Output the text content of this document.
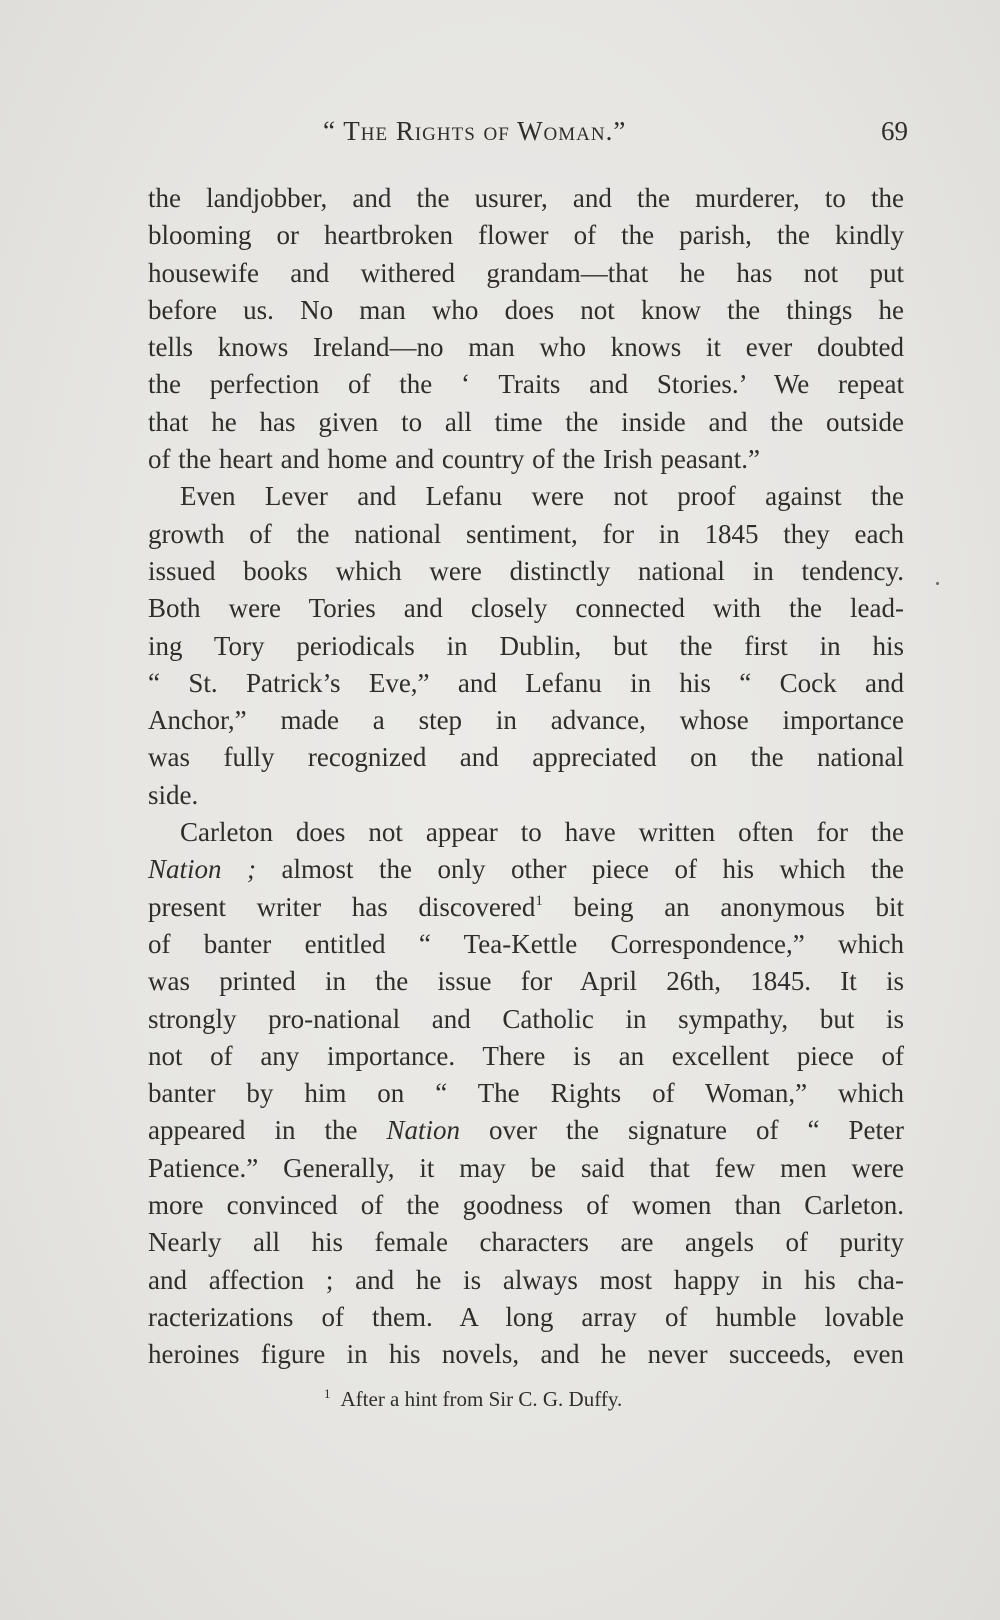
“ The Rights of Woman.”	69
the landjobber, and the usurer, and the murderer, to the
blooming or heartbroken flower of the parish, the kindly
housewife and withered grandam—that he has not put
before us. No man who does not know the things he
tells knows Ireland—no man who knows it ever doubted
the perfection of the ‘ Traits and Stories.’ We repeat
that he has given to all time the inside and the outside
of the heart and home and country of the Irish peasant.”
Even Lever and Lefanu were not proof against the
growth of the national sentiment, for in 1845 they each
issued books which were distinctly national in tendency.
Both were Tories and closely connected with the lead-
ing Tory periodicals in Dublin, but the first in his
“ St. Patrick’s Eve,” and Lefanu in his “ Cock and
Anchor,” made a step in advance, whose importance
was fully recognized and appreciated on the national
side.
Carleton does not appear to have written often for the
Nation ; almost the only other piece of his which the
present writer has discovered$^1$ being an anonymous bit
of banter entitled “ Tea-Kettle Correspondence,” which
was printed in the issue for April 26th, 1845. It is
strongly pro-national and Catholic in sympathy, but is
not of any importance. There is an excellent piece of
banter by him on “ The Rights of Woman,” which
appeared in the Nation over the signature of “ Peter
Patience.” Generally, it may be said that few men were
more convinced of the goodness of women than Carleton.
Nearly all his female characters are angels of purity
and affection ; and he is always most happy in his cha-
racterizations of them. A long array of humble lovable
heroines figure in his novels, and he never succeeds, even
$^1$ After a hint from Sir C. G. Duffy.
